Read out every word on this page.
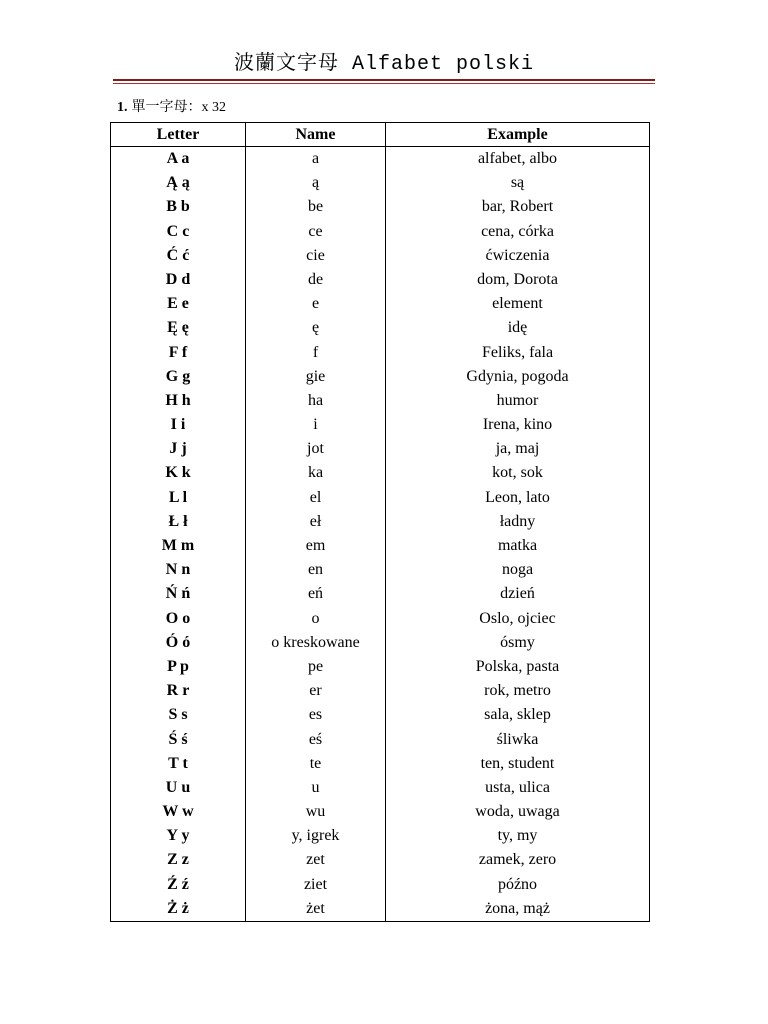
波蘭文字母 Alfabet polski
1. 單一字母：x 32
Letter	Name	Example
A a	a	alfabet, albo
Ą ą	ą	są
B b	be	bar, Robert
C c	ce	cena, córka
Ć ć	cie	ćwiczenia
D d	de	dom, Dorota
E e	e	element
Ę ę	ę	idę
F f	f	Feliks, fala
G g	gie	Gdynia, pogoda
H h	ha	humor
I i	i	Irena, kino
J j	jot	ja, maj
K k	ka	kot, sok
L l	el	Leon, lato
Ł ł	eł	ładny
M m	em	matka
N n	en	noga
Ń ń	eń	dzień
O o	o	Oslo, ojciec
Ó ó	o kreskowane	ósmy
P p	pe	Polska, pasta
R r	er	rok, metro
S s	es	sala, sklep
Ś ś	eś	śliwka
T t	te	ten, student
U u	u	usta, ulica
W w	wu	woda, uwaga
Y y	y, igrek	ty, my
Z z	zet	zamek, zero
Ź ź	ziet	późno
Ż ż	żet	żona, mąż
